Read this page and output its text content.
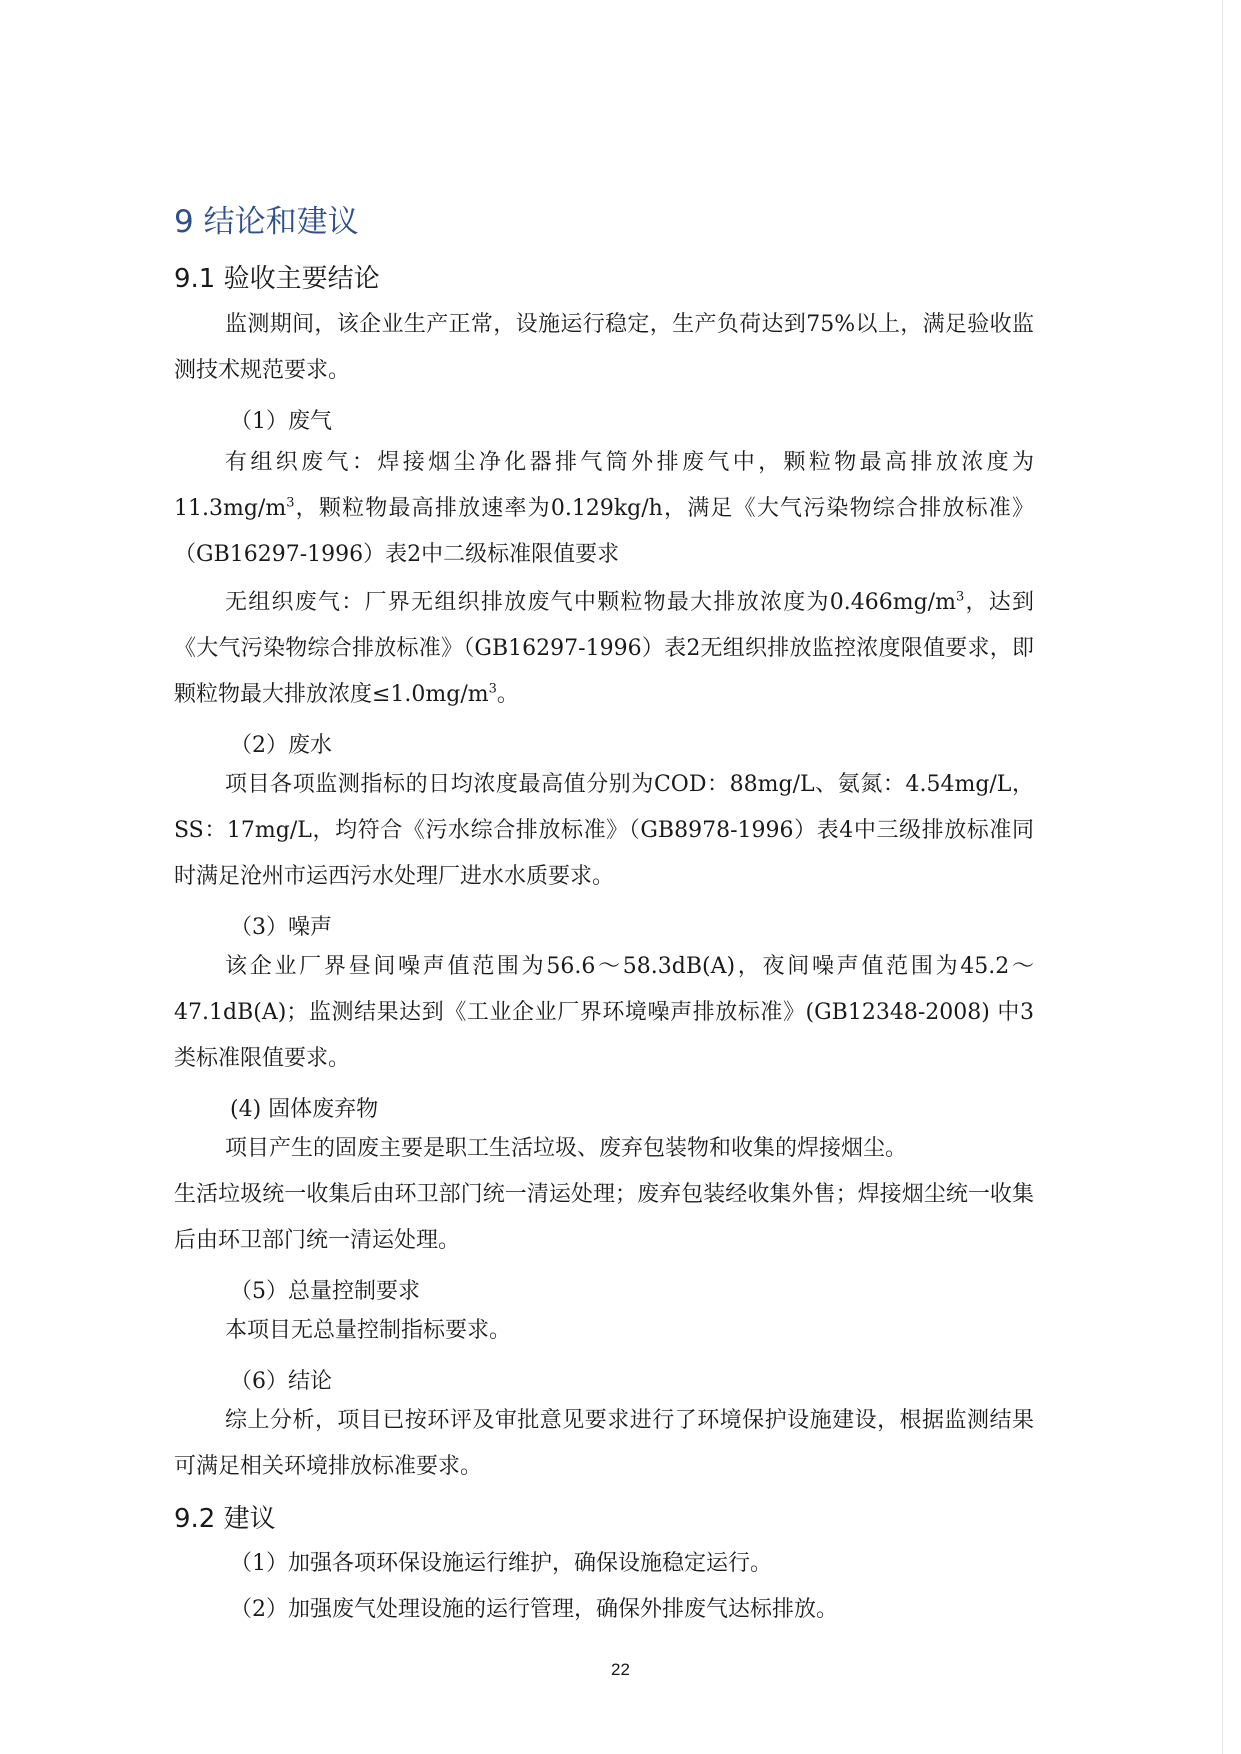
9 结论和建议
9.1 验收主要结论
监测期间，该企业生产正常，设施运行稳定，生产负荷达到75%以上，满足验收监测技术规范要求。
（1）废气
有组织废气：焊接烟尘净化器排气筒外排废气中，颗粒物最高排放浓度为$11.3mg/m^3$，颗粒物最高排放速率为0.129kg/h，满足《大气污染物综合排放标准》（GB16297-1996）表2中二级标准限值要求
无组织废气：厂界无组织排放废气中颗粒物最大排放浓度为$0.466mg/m^3$，达到《大气污染物综合排放标准》（GB16297-1996）表2无组织排放监控浓度限值要求，即颗粒物最大排放浓度$\le 1.0mg/m^3$。
（2）废水
项目各项监测指标的日均浓度最高值分别为COD：88mg/L、氨氮：4.54mg/L，SS：17mg/L，均符合《污水综合排放标准》（GB8978-1996）表4中三级排放标准同时满足沧州市运西污水处理厂进水水质要求。
（3）噪声
该企业厂界昼间噪声值范围为56.6～58.3dB(A)，夜间噪声值范围为45.2～47.1dB(A)；监测结果达到《工业企业厂界环境噪声排放标准》(GB12348-2008) 中3类标准限值要求。
(4) 固体废弃物
项目产生的固废主要是职工生活垃圾、废弃包装物和收集的焊接烟尘。
生活垃圾统一收集后由环卫部门统一清运处理；废弃包装经收集外售；焊接烟尘统一收集后由环卫部门统一清运处理。
（5）总量控制要求
本项目无总量控制指标要求。
（6）结论
综上分析，项目已按环评及审批意见要求进行了环境保护设施建设，根据监测结果可满足相关环境排放标准要求。
9.2 建议
（1）加强各项环保设施运行维护，确保设施稳定运行。
（2）加强废气处理设施的运行管理，确保外排废气达标排放。
22
